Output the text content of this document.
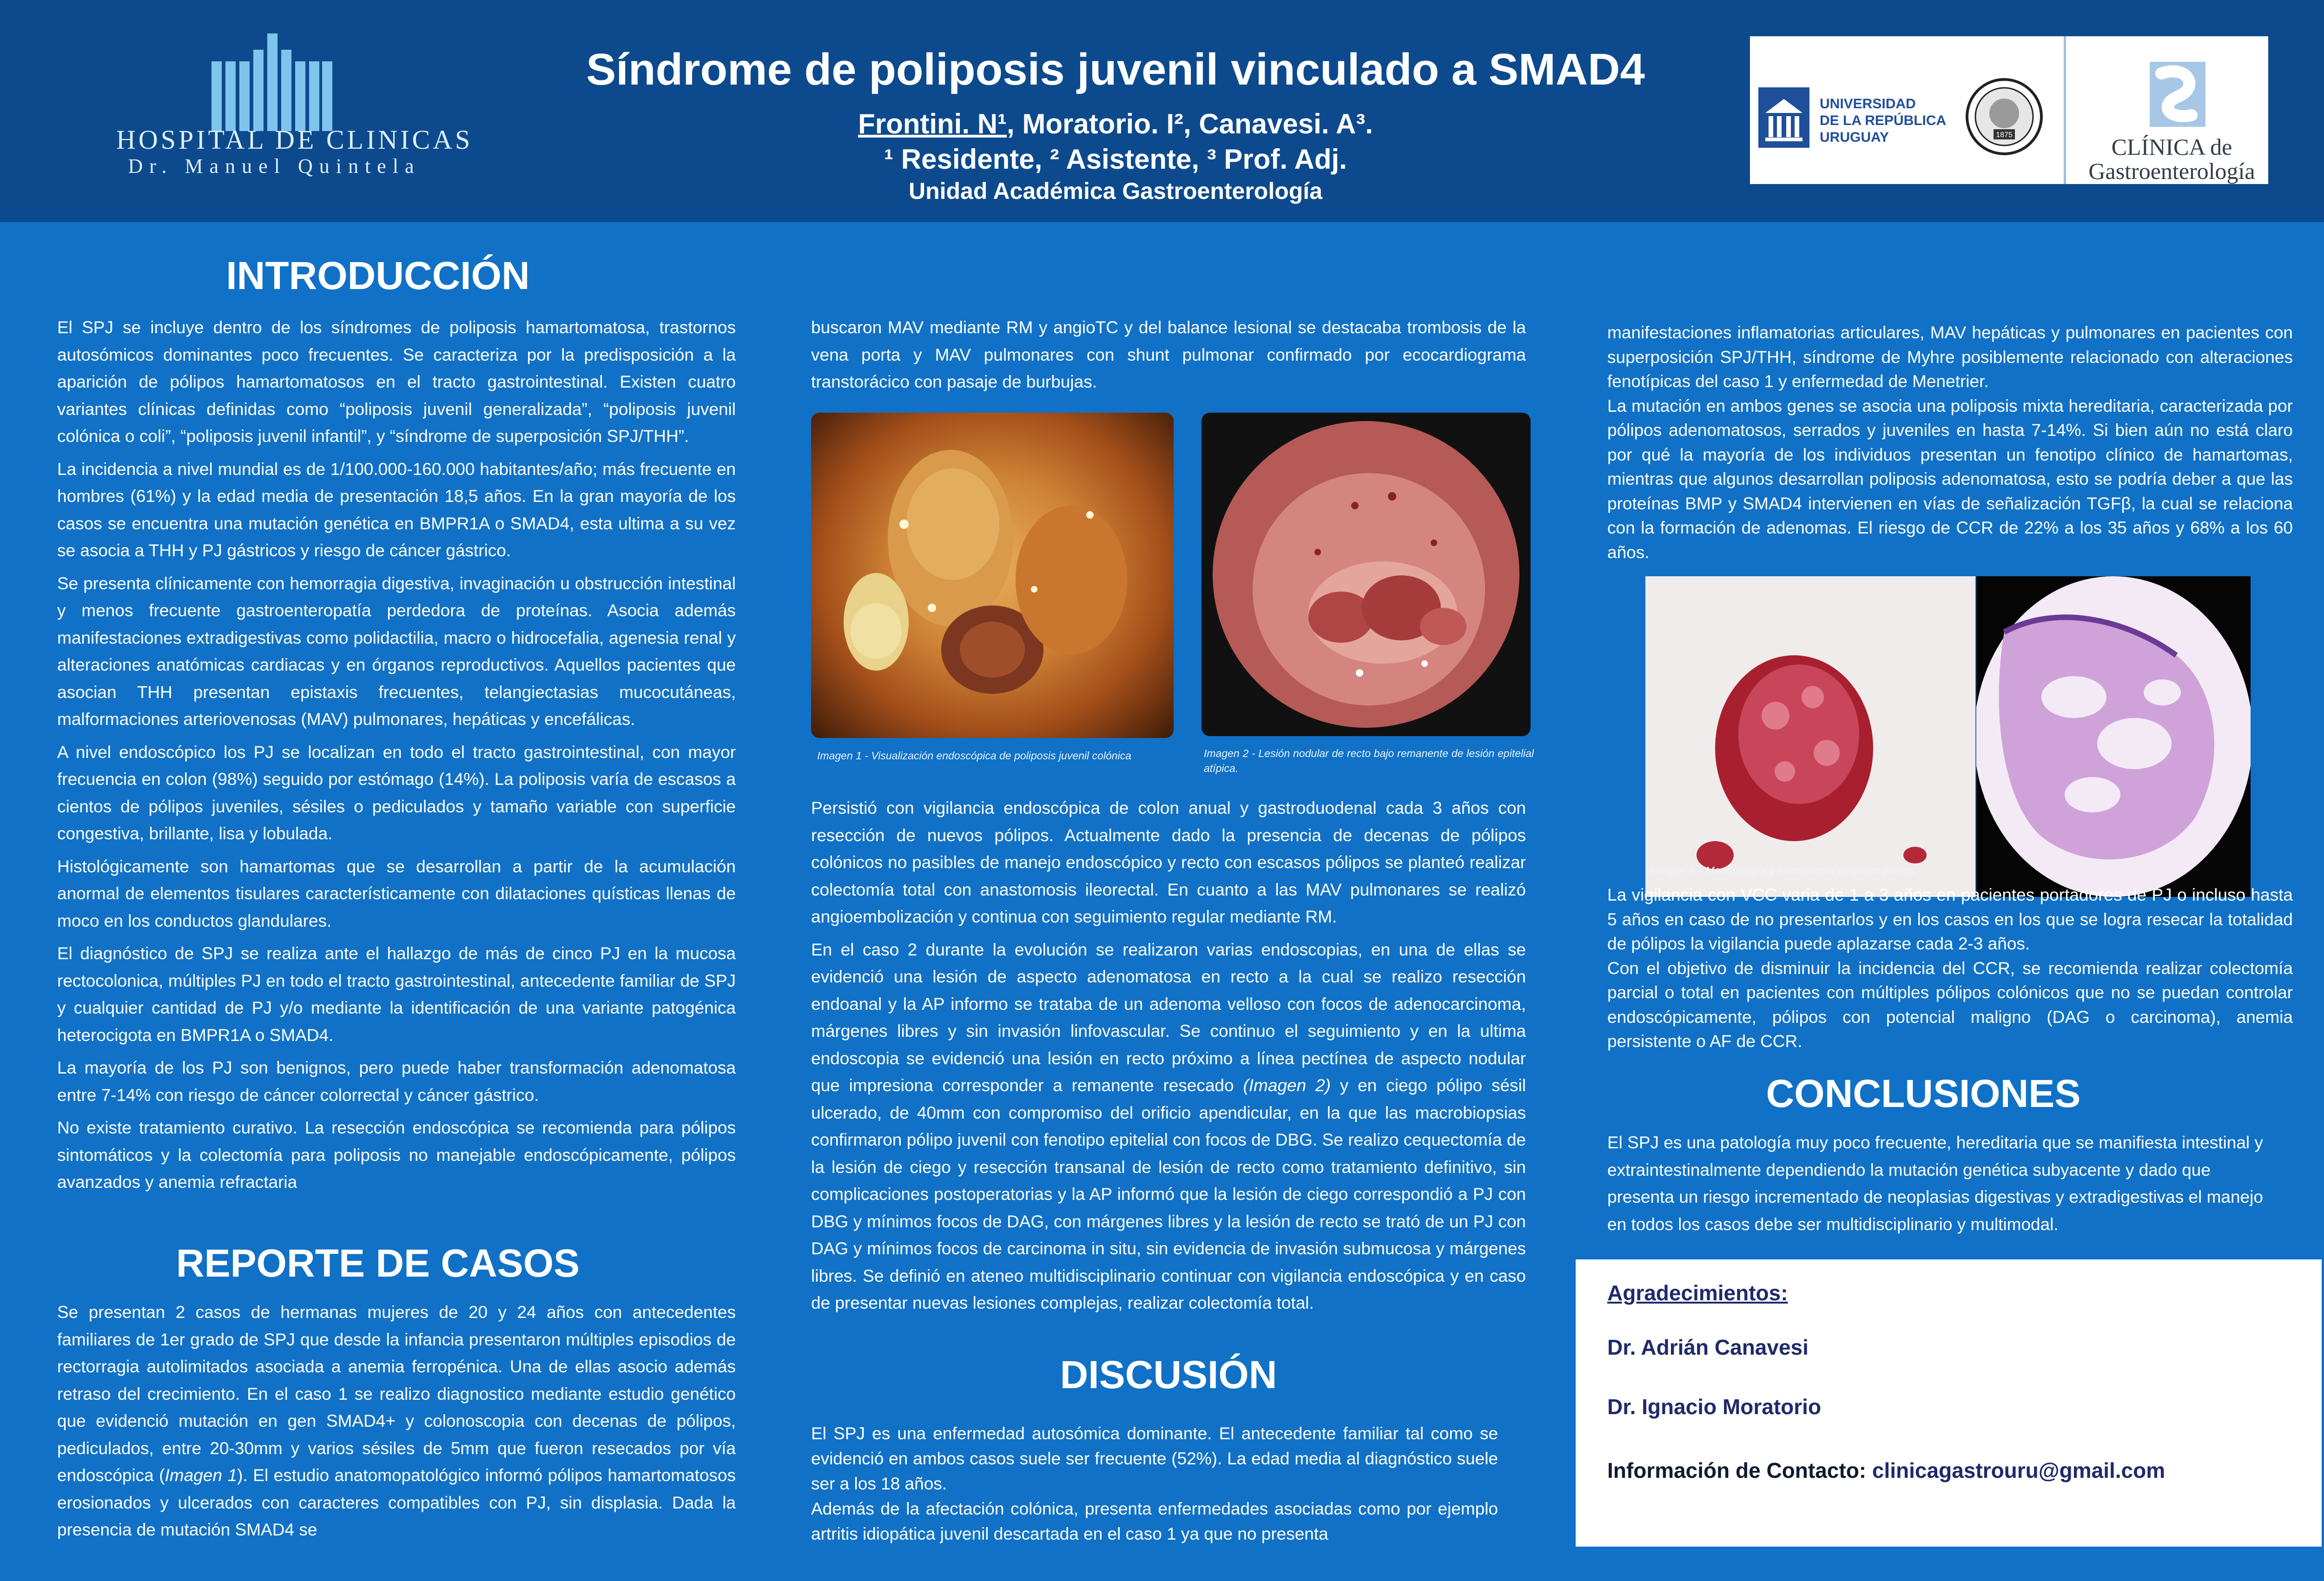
HOSPITAL DE CLINICAS
Dr. Manuel Quintela
Síndrome de poliposis juvenil vinculado a SMAD4
Frontini. N¹, Moratorio. I², Canavesi. A³.
¹ Residente, ² Asistente, ³ Prof. Adj.
Unidad Académica Gastroenterología
UNIVERSIDAD
DE LA REPÚBLICA
URUGUAY	1875	CLÍNICA de
Gastroenterología
INTRODUCCIÓN

El SPJ se incluye dentro de los síndromes de poliposis hamartomatosa, trastornos autosómicos dominantes poco frecuentes. Se caracteriza por la predisposición a la aparición de pólipos hamartomatosos en el tracto gastrointestinal. Existen cuatro variantes clínicas definidas como “poliposis juvenil generalizada”, “poliposis juvenil colónica o coli”, “poliposis juvenil infantil”, y “síndrome de superposición SPJ/THH”.

La incidencia a nivel mundial es de 1/100.000-160.000 habitantes/año; más frecuente en hombres (61%) y la edad media de presentación 18,5 años. En la gran mayoría de los casos se encuentra una mutación genética en BMPR1A o SMAD4, esta ultima a su vez se asocia a THH y PJ gástricos y riesgo de cáncer gástrico.

Se presenta clínicamente con hemorragia digestiva, invaginación u obstrucción intestinal y menos frecuente gastroenteropatía perdedora de proteínas. Asocia además manifestaciones extradigestivas como polidactilia, macro o hidrocefalia, agenesia renal y alteraciones anatómicas cardiacas y en órganos reproductivos. Aquellos pacientes que asocian THH presentan epistaxis frecuentes, telangiectasias mucocutáneas, malformaciones arteriovenosas (MAV) pulmonares, hepáticas y encefálicas.

A nivel endoscópico los PJ se localizan en todo el tracto gastrointestinal, con mayor frecuencia en colon (98%) seguido por estómago (14%). La poliposis varía de escasos a cientos de pólipos juveniles, sésiles o pediculados y tamaño variable con superficie congestiva, brillante, lisa y lobulada.

Histológicamente son hamartomas que se desarrollan a partir de la acumulación anormal de elementos tisulares característicamente con dilataciones quísticas llenas de moco en los conductos glandulares.

El diagnóstico de SPJ se realiza ante el hallazgo de más de cinco PJ en la mucosa rectocolonica, múltiples PJ en todo el tracto gastrointestinal, antecedente familiar de SPJ y cualquier cantidad de PJ y/o mediante la identificación de una variante patogénica heterocigota en BMPR1A o SMAD4.

La mayoría de los PJ son benignos, pero puede haber transformación adenomatosa entre 7-14% con riesgo de cáncer colorrectal y cáncer gástrico.

No existe tratamiento curativo. La resección endoscópica se recomienda para pólipos sintomáticos y la colectomía para poliposis no manejable endoscópicamente, pólipos avanzados y anemia refractaria

REPORTE DE CASOS

Se presentan 2 casos de hermanas mujeres de 20 y 24 años con antecedentes familiares de 1er grado de SPJ que desde la infancia presentaron múltiples episodios de rectorragia autolimitados asociada a anemia ferropénica. Una de ellas asocio además retraso del crecimiento. En el caso 1 se realizo diagnostico mediante estudio genético que evidenció mutación en gen SMAD4+ y colonoscopia con decenas de pólipos, pediculados, entre 20-30mm y varios sésiles de 5mm que fueron resecados por vía endoscópica (Imagen 1). El estudio anatomopatológico informó pólipos hamartomatosos erosionados y ulcerados con caracteres compatibles con PJ, sin displasia. Dada la presencia de mutación SMAD4 se

buscaron MAV mediante RM y angioTC y del balance lesional se destacaba trombosis de la vena porta y MAV pulmonares con shunt pulmonar confirmado por ecocardiograma transtorácico con pasaje de burbujas.

Imagen 1 - Visualización endoscópica de poliposis juvenil colónica	Imagen 2 - Lesión nodular de recto bajo remanente de lesión epitelial atípica.

Persistió con vigilancia endoscópica de colon anual y gastroduodenal cada 3 años con resección de nuevos pólipos. Actualmente dado la presencia de decenas de pólipos colónicos no pasibles de manejo endoscópico y recto con escasos pólipos se planteó realizar colectomía total con anastomosis ileorectal. En cuanto a las MAV pulmonares se realizó angioembolización y continua con seguimiento regular mediante RM.

En el caso 2 durante la evolución se realizaron varias endoscopias, en una de ellas se evidenció una lesión de aspecto adenomatosa en recto a la cual se realizo resección endoanal y la AP informo se trataba de un adenoma velloso con focos de adenocarcinoma, márgenes libres y sin invasión linfovascular. Se continuo el seguimiento y en la ultima endoscopia se evidenció una lesión en recto próximo a línea pectínea de aspecto nodular que impresiona corresponder a remanente resecado (Imagen 2) y en ciego pólipo sésil ulcerado, de 40mm con compromiso del orificio apendicular, en la que las macrobiopsias confirmaron pólipo juvenil con fenotipo epitelial con focos de DBG. Se realizo cequectomía de la lesión de ciego y resección transanal de lesión de recto como tratamiento definitivo, sin complicaciones postoperatorias y la AP informó que la lesión de ciego correspondió a PJ con DBG y mínimos focos de DAG, con márgenes libres y la lesión de recto se trató de un PJ con DAG y mínimos focos de carcinoma in situ, sin evidencia de invasión submucosa y márgenes libres. Se definió en ateneo multidisciplinario continuar con vigilancia endoscópica y en caso de presentar nuevas lesiones complejas, realizar colectomía total.

DISCUSIÓN

El SPJ es una enfermedad autosómica dominante. El antecedente familiar tal como se evidenció en ambos casos suele ser frecuente (52%). La edad media al diagnóstico suele ser a los 18 años.

Además de la afectación colónica, presenta enfermedades asociadas como por ejemplo artritis idiopática juvenil descartada en el caso 1 ya que no presenta

manifestaciones inflamatorias articulares, MAV hepáticas y pulmonares en pacientes con superposición SPJ/THH, síndrome de Myhre posiblemente relacionado con alteraciones fenotípicas del caso 1 y enfermedad de Menetrier.

La mutación en ambos genes se asocia una poliposis mixta hereditaria, caracterizada por pólipos adenomatosos, serrados y juveniles en hasta 7-14%. Si bien aún no está claro por qué la mayoría de los individuos presentan un fenotipo clínico de hamartomas, mientras que algunos desarrollan poliposis adenomatosa, esto se podría deber a que las proteínas BMP y SMAD4 intervienen en vías de señalización TGFβ, la cual se relaciona con la formación de adenomas. El riesgo de CCR de 22% a los 35 años y 68% a los 60 años.

Imagen 3 – Macroscopia y microscopia de pólipo juvenil. .

La vigilancia con VCC varia de 1 a 3 años en pacientes portadores de PJ o incluso hasta 5 años en caso de no presentarlos y en los casos en los que se logra resecar la totalidad de pólipos la vigilancia puede aplazarse cada 2-3 años.

Con el objetivo de disminuir la incidencia del CCR, se recomienda realizar colectomía parcial o total en pacientes con múltiples pólipos colónicos que no se puedan controlar endoscópicamente, pólipos con potencial maligno (DAG o carcinoma), anemia persistente o AF de CCR.

CONCLUSIONES
El SPJ es una patología muy poco frecuente, hereditaria que se manifiesta intestinal y extraintestinalmente dependiendo la mutación genética subyacente y dado que presenta un riesgo incrementado de neoplasias digestivas y extradigestivas el manejo en todos los casos debe ser multidisciplinario y multimodal.
Agradecimientos:
Dr. Adrián Canavesi
Dr. Ignacio Moratorio
Información de Contacto: clinicagastrouru@gmail.com
